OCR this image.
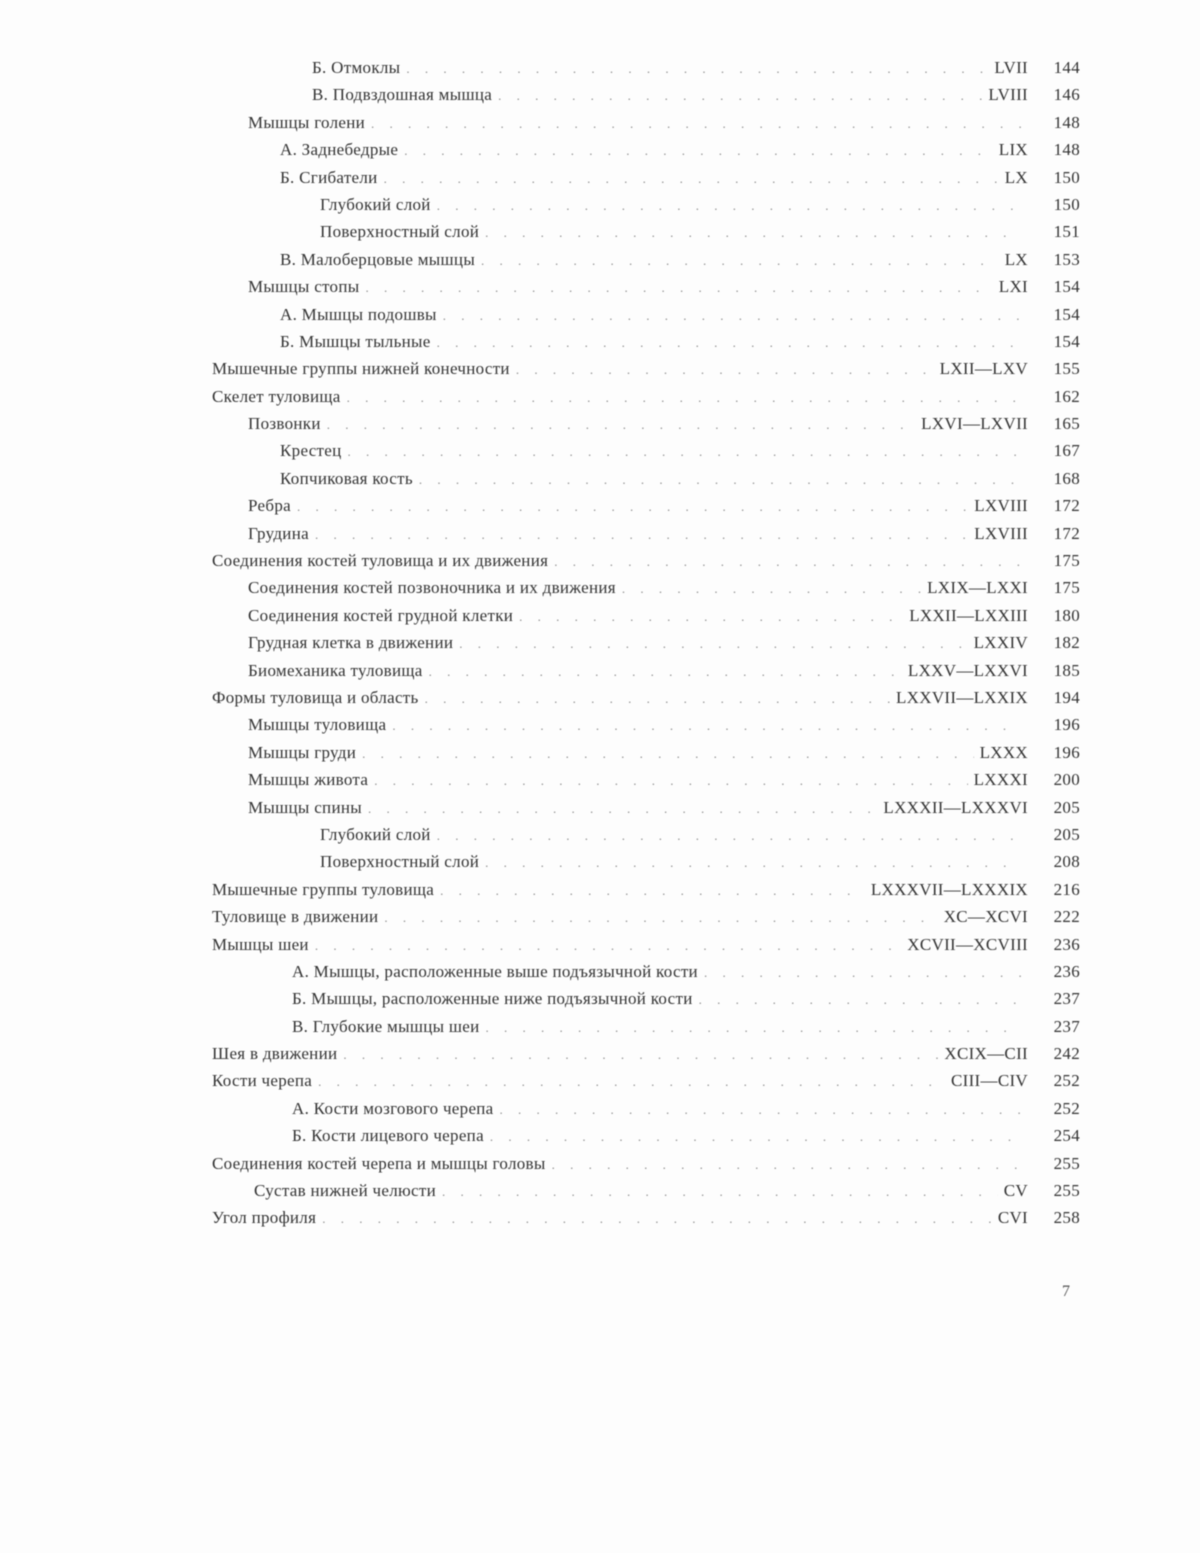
Б. Отмоклы . . .	LVII	144
В. Подвздошная мышца . . .	LVIII	146
Мышцы голени . . .	148
А. Заднебедрые . . .	LIX	148
Б. Сгибатели . . .	LX	150
Глубокий слой . . .	150
Поверхностный слой . . .	151
В. Малоберцовые мышцы . . .	LX	153
Мышцы стопы . . .	LXI	154
А. Мышцы подошвы . . .	154
Б. Мышцы тыльные . . .	154
Мышечные группы нижней конечности . . .	LXII—LXV	155
Скелет туловища . . .	162
Позвонки . . .	LXVI—LXVII	165
Крестец . . .	167
Копчиковая кость . . .	168
Ребра . . .	LXVIII	172
Грудина . . .	LXVIII	172
Соединения костей туловища и их движения . . .	175
Соединения костей позвоночника и их движения . . .	LXIX—LXXI	175
Соединения костей грудной клетки . . .	LXXII—LXXIII	180
Грудная клетка в движении . . .	LXXIV	182
Биомеханика туловища . . .	LXXV—LXXVI	185
Формы туловища и область . . .	LXXVII—LXXIX	194
Мышцы туловища . . .	196
Мышцы груди . . .	LXXX	196
Мышцы живота . . .	LXXXI	200
Мышцы спины . . .	LXXXII—LXXXVI	205
Глубокий слой . . .	205
Поверхностный слой . . .	208
Мышечные группы туловища . . .	LXXXVII—LXXXIX	216
Туловище в движении . . .	XC—XCVI	222
Мышцы шеи . . .	XCVII—XCVIII	236
А. Мышцы, расположенные выше подъязычной кости . . .	236
Б. Мышцы, расположенные ниже подъязычной кости . . .	237
В. Глубокие мышцы шеи . . .	237
Шея в движении . . .	XCIX—CII	242
Кости черепа . . .	CIII—CIV	252
А. Кости мозгового черепа . . .	252
Б. Кости лицевого черепа . . .	254
Соединения костей черепа и мышцы головы . . .	255
Сустав нижней челюсти . . .	CV	255
Угол профиля . . .	CVI	258
7
